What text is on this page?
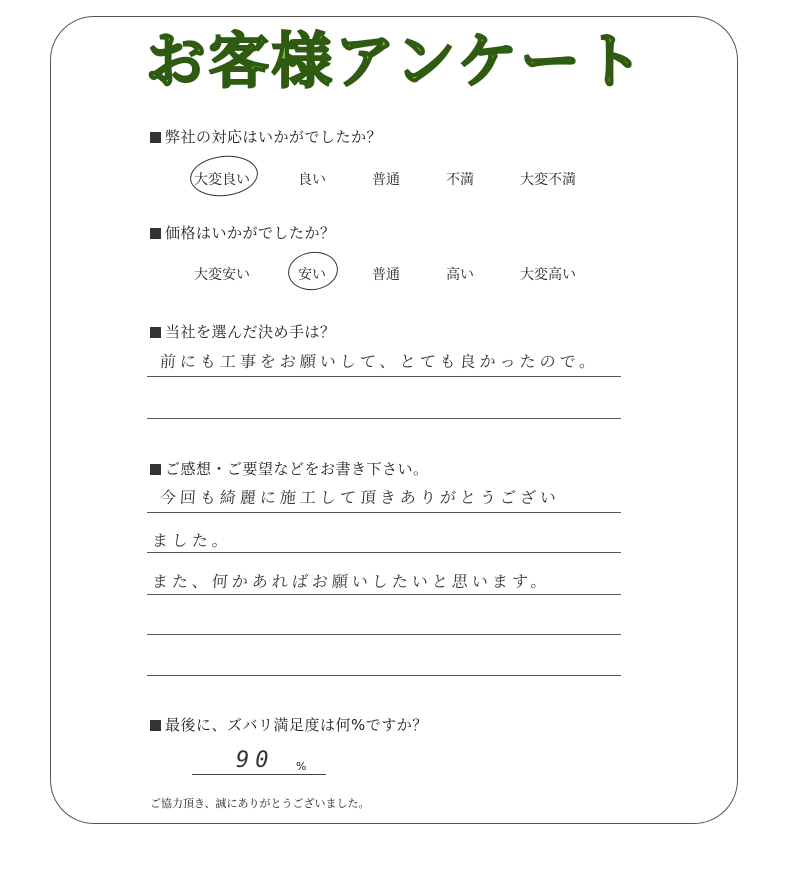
お客様アンケート
弊社の対応はいかがでしたか？
大変良い	良い	普通	不満	大変不満
価格はいかがでしたか？
大変安い	安い	普通	高い	大変高い
当社を選んだ決め手は？
前にも工事をお願いして、とても良かったので。
ご感想・ご要望などをお書き下さい。
今回も綺麗に施工して頂きありがとうござい
ました。
また、何かあればお願いしたいと思います。
最後に、ズバリ満足度は何%ですか？
90 %
ご協力頂き、誠にありがとうございました。
